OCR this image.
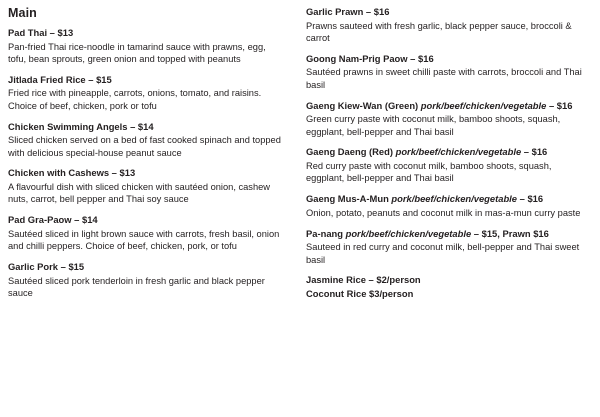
Main
Pad Thai – $13
Pan-fried Thai rice-noodle in tamarind sauce with prawns, egg, tofu, bean sprouts, green onion and topped with peanuts
Jitlada Fried Rice – $15
Fried rice with pineapple, carrots, onions, tomato, and raisins. Choice of beef, chicken, pork or tofu
Chicken Swimming Angels – $14
Sliced chicken served on a bed of fast cooked spinach and topped with delicious special-house peanut sauce
Chicken with Cashews – $13
A flavourful dish with sliced chicken with sautéed onion, cashew nuts, carrot, bell pepper and Thai soy sauce
Pad Gra-Paow – $14
Sautéed sliced in light brown sauce with carrots, fresh basil, onion and chilli peppers. Choice of beef, chicken, pork, or tofu
Garlic Pork – $15
Sautéed sliced pork tenderloin in fresh garlic and black pepper sauce
Garlic Prawn – $16
Prawns sauteed with fresh garlic, black pepper sauce, broccoli & carrot
Goong Nam-Prig Paow – $16
Sautéed prawns in sweet chilli paste with carrots, broccoli and Thai basil
Gaeng Kiew-Wan (Green) pork/beef/chicken/vegetable – $16
Green curry paste with coconut milk, bamboo shoots, squash, eggplant, bell-pepper and Thai basil
Gaeng Daeng (Red) pork/beef/chicken/vegetable – $16
Red curry paste with coconut milk, bamboo shoots, squash, eggplant, bell-pepper and Thai basil
Gaeng Mus-A-Mun pork/beef/chicken/vegetable – $16
Onion, potato, peanuts and coconut milk in mas-a-mun curry paste
Pa-nang pork/beef/chicken/vegetable – $15, Prawn $16
Sauteed in red curry and coconut milk, bell-pepper and Thai sweet basil
Jasmine Rice – $2/person
Coconut Rice $3/person
